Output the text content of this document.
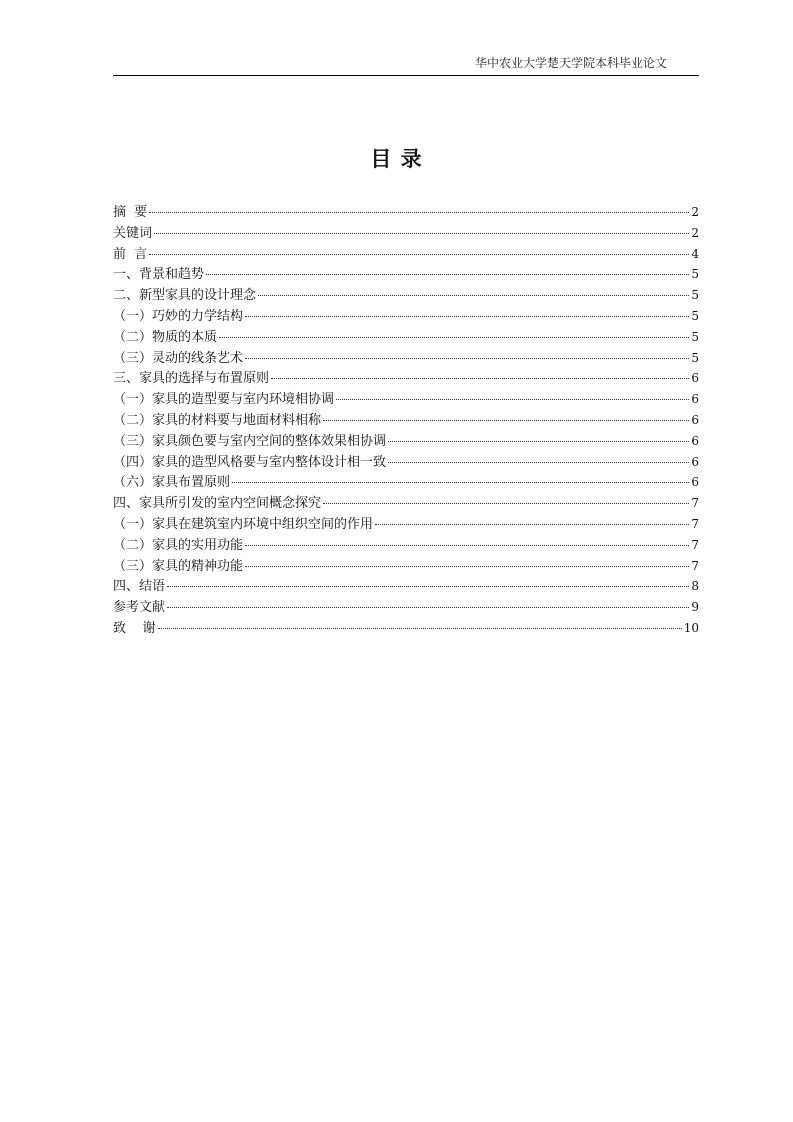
华中农业大学楚天学院本科毕业论文
目 录
摘  要	2
关键词	2
前  言	4
一、背景和趋势	5
二、新型家具的设计理念	5
（一）巧妙的力学结构	5
（二）物质的本质	5
（三）灵动的线条艺术	5
三、家具的选择与布置原则	6
（一）家具的造型要与室内环境相协调	6
（二）家具的材料要与地面材料相称	6
（三）家具颜色要与室内空间的整体效果相协调	6
（四）家具的造型风格要与室内整体设计相一致	6
（六）家具布置原则	6
四、家具所引发的室内空间概念探究	7
（一）家具在建筑室内环境中组织空间的作用	7
（二）家具的实用功能	7
（三）家具的精神功能	7
四、结语	8
参考文献	9
致    谢	10
